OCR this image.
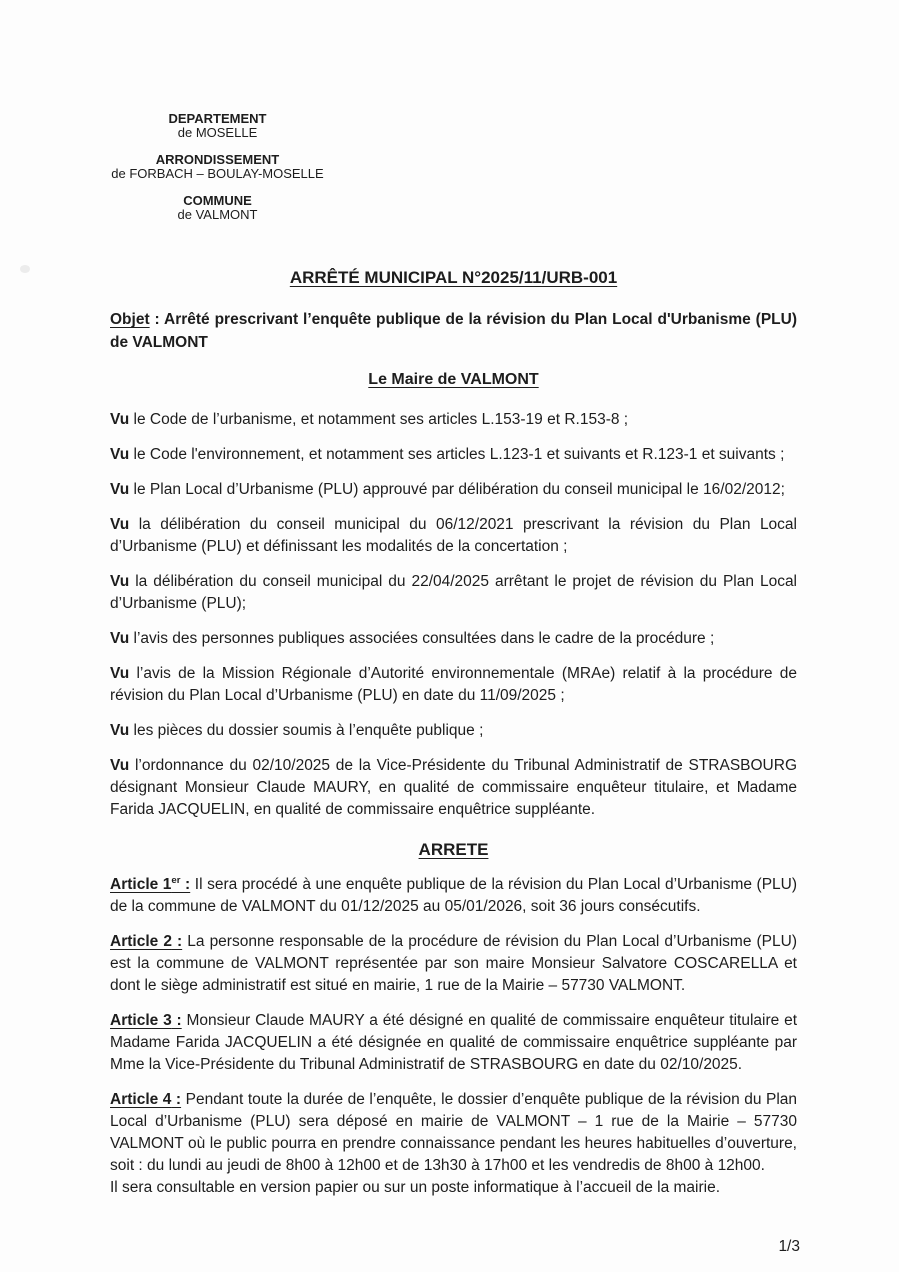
DEPARTEMENT
de MOSELLE
ARRONDISSEMENT
de FORBACH – BOULAY-MOSELLE
COMMUNE
de VALMONT
ARRÊTÉ MUNICIPAL N°2025/11/URB-001

Objet : Arrêté prescrivant l’enquête publique de la révision du Plan Local d'Urbanisme (PLU) de VALMONT

Le Maire de VALMONT

Vu le Code de l’urbanisme, et notamment ses articles L.153-19 et R.153-8 ;

Vu le Code l'environnement, et notamment ses articles L.123-1 et suivants et R.123-1 et suivants ;

Vu le Plan Local d’Urbanisme (PLU) approuvé par délibération du conseil municipal le 16/02/2012;

Vu la délibération du conseil municipal du 06/12/2021 prescrivant la révision du Plan Local d’Urbanisme (PLU) et définissant les modalités de la concertation ;

Vu la délibération du conseil municipal du 22/04/2025 arrêtant le projet de révision du Plan Local d’Urbanisme (PLU);

Vu l’avis des personnes publiques associées consultées dans le cadre de la procédure ;

Vu l’avis de la Mission Régionale d’Autorité environnementale (MRAe) relatif à la procédure de révision du Plan Local d’Urbanisme (PLU) en date du 11/09/2025 ;

Vu les pièces du dossier soumis à l’enquête publique ;

Vu l’ordonnance du 02/10/2025 de la Vice-Présidente du Tribunal Administratif de STRASBOURG désignant Monsieur Claude MAURY, en qualité de commissaire enquêteur titulaire, et Madame Farida JACQUELIN, en qualité de commissaire enquêtrice suppléante.

ARRETE

Article 1er : Il sera procédé à une enquête publique de la révision du Plan Local d’Urbanisme (PLU) de la commune de VALMONT du 01/12/2025 au 05/01/2026, soit 36 jours consécutifs.

Article 2 : La personne responsable de la procédure de révision du Plan Local d’Urbanisme (PLU) est la commune de VALMONT représentée par son maire Monsieur Salvatore COSCARELLA et dont le siège administratif est situé en mairie, 1 rue de la Mairie – 57730 VALMONT.

Article 3 : Monsieur Claude MAURY a été désigné en qualité de commissaire enquêteur titulaire et Madame Farida JACQUELIN a été désignée en qualité de commissaire enquêtrice suppléante par Mme la Vice-Présidente du Tribunal Administratif de STRASBOURG en date du 02/10/2025.

Article 4 : Pendant toute la durée de l’enquête, le dossier d’enquête publique de la révision du Plan Local d’Urbanisme (PLU) sera déposé en mairie de VALMONT – 1 rue de la Mairie – 57730 VALMONT où le public pourra en prendre connaissance pendant les heures habituelles d’ouverture, soit : du lundi au jeudi de 8h00 à 12h00 et de 13h30 à 17h00 et les vendredis de 8h00 à 12h00.

Il sera consultable en version papier ou sur un poste informatique à l’accueil de la mairie.

1/3
